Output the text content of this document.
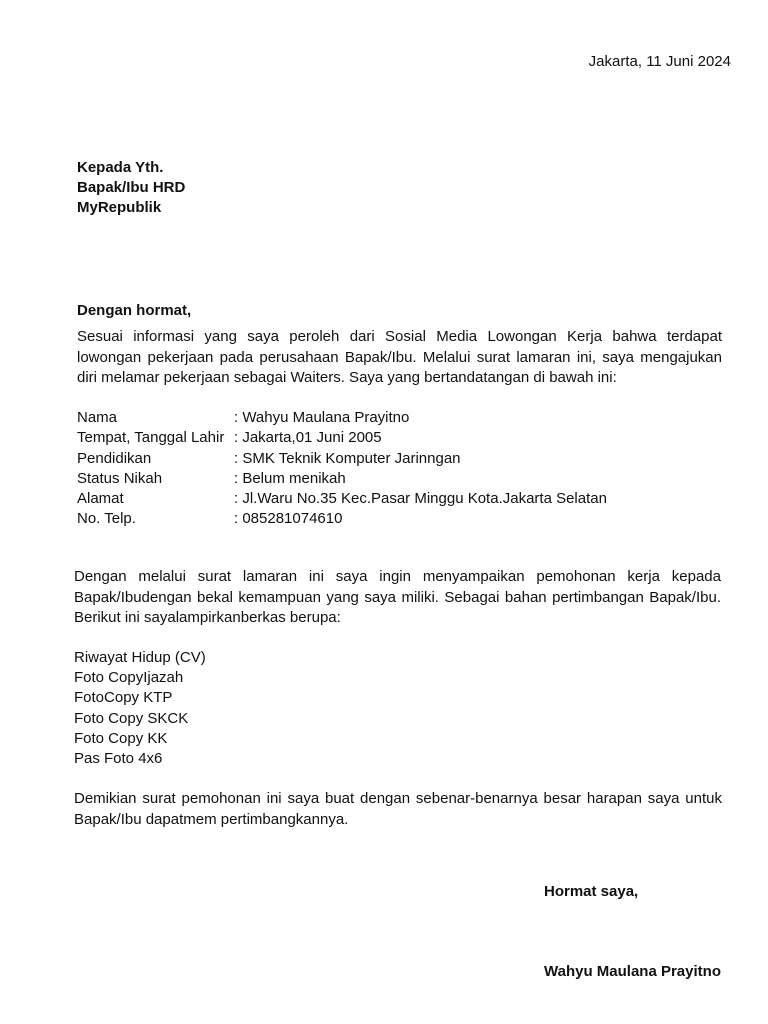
Jakarta, 11 Juni 2024
Kepada Yth.
Bapak/Ibu HRD
MyRepublik
Dengan hormat,
Sesuai informasi yang saya peroleh dari Sosial Media Lowongan Kerja bahwa terdapat lowongan pekerjaan pada perusahaan Bapak/Ibu. Melalui surat lamaran ini, saya mengajukan diri melamar pekerjaan sebagai Waiters. Saya yang bertandatangan di bawah ini:
Nama	: Wahyu Maulana Prayitno
Tempat, Tanggal Lahir : Jakarta,01 Juni 2005
Pendidikan	: SMK Teknik Komputer Jarinngan
Status Nikah	: Belum menikah
Alamat	: Jl.Waru No.35 Kec.Pasar Minggu Kota.Jakarta Selatan
No. Telp.	: 085281074610
Dengan melalui surat lamaran ini saya ingin menyampaikan pemohonan kerja kepada Bapak/Ibudengan bekal kemampuan yang saya miliki. Sebagai bahan pertimbangan Bapak/Ibu. Berikut ini sayalampirkanberkas berupa:
Riwayat Hidup (CV)
Foto CopyIjazah
FotoCopy KTP
Foto Copy SKCK
Foto Copy KK
Pas Foto 4x6
Demikian surat pemohonan ini saya buat dengan sebenar-benarnya besar harapan saya untuk Bapak/Ibu dapatmem pertimbangkannya.
Hormat saya,
Wahyu Maulana Prayitno
